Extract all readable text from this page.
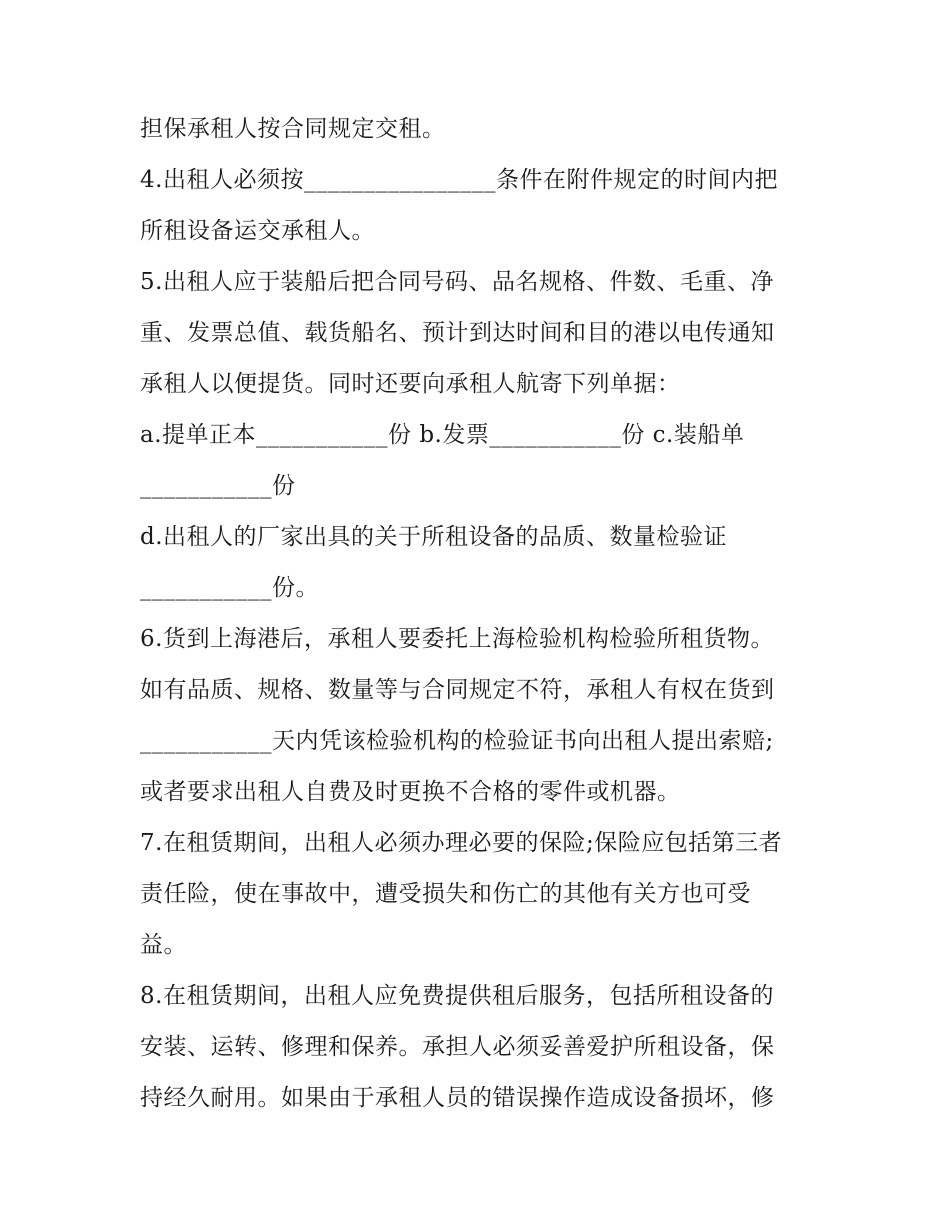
担保承租人按合同规定交租。
4.出租人必须按________________条件在附件规定的时间内把
所租设备运交承租人。
5.出租人应于装船后把合同号码、品名规格、件数、毛重、净
重、发票总值、载货船名、预计到达时间和目的港以电传通知
承租人以便提货。同时还要向承租人航寄下列单据：
a.提单正本___________份 b.发票___________份 c.装船单
___________份
d.出租人的厂家出具的关于所租设备的品质、数量检验证
___________份。
6.货到上海港后，承租人要委托上海检验机构检验所租货物。
如有品质、规格、数量等与合同规定不符，承租人有权在货到
___________天内凭该检验机构的检验证书向出租人提出索赔;
或者要求出租人自费及时更换不合格的零件或机器。
7.在租赁期间，出租人必须办理必要的保险;保险应包括第三者
责任险，使在事故中，遭受损失和伤亡的其他有关方也可受
益。
8.在租赁期间，出租人应免费提供租后服务，包括所租设备的
安装、运转、修理和保养。承担人必须妥善爱护所租设备，保
持经久耐用。如果由于承租人员的错误操作造成设备损坏，修
